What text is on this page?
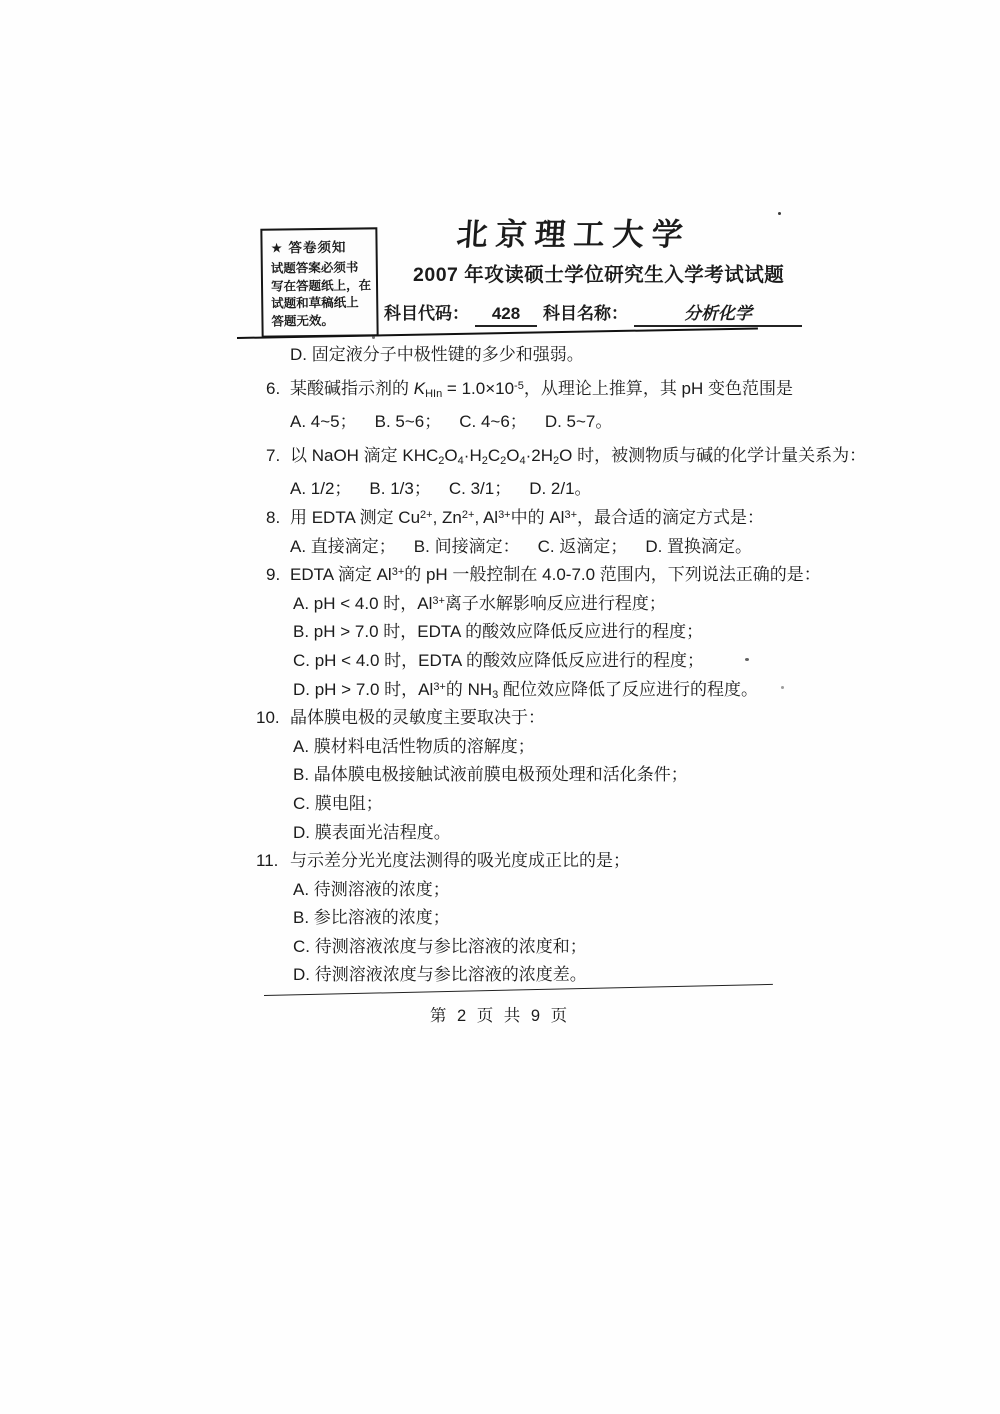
★ 答卷须知
试题答案必须书
写在答题纸上，在
试题和草稿纸上
答题无效。
北京理工大学
2007 年攻读硕士学位研究生入学考试试题
科目代码： 428 科目名称：	分析化学
D. 固定液分子中极性键的多少和强弱。
6. 某酸碱指示剂的 $K_{HIn} = 1.0\times 10^{-5}$，从理论上推算，其 pH 变色范围是
A. 4~5； B. 5~6； C. 4~6； D. 5~7。
7. 以 NaOH 滴定 $KHC_2O_4\cdot H_2C_2O_4\cdot 2H_2O$ 时，被测物质与碱的化学计量关系为：
A. 1/2； B. 1/3； C. 3/1； D. 2/1。
8. 用 EDTA 测定 $Cu^{2+}$, $Zn^{2+}$, $Al^{3+}$中的 $Al^{3+}$，最合适的滴定方式是：
A. 直接滴定； B. 间接滴定： C. 返滴定； D. 置换滴定。
9. EDTA 滴定 $Al^{3+}$的 pH 一般控制在 4.0-7.0 范围内，下列说法正确的是：
A. pH < 4.0 时，$Al^{3+}$离子水解影响反应进行程度；
B. pH > 7.0 时，EDTA 的酸效应降低反应进行的程度；
C. pH < 4.0 时，EDTA 的酸效应降低反应进行的程度；
D. pH > 7.0 时，$Al^{3+}$的 $NH_3$ 配位效应降低了反应进行的程度。
10. 晶体膜电极的灵敏度主要取决于：
A. 膜材料电活性物质的溶解度；
B. 晶体膜电极接触试液前膜电极预处理和活化条件；
C. 膜电阻；
D. 膜表面光洁程度。
11. 与示差分光光度法测得的吸光度成正比的是；
A. 待测溶液的浓度；
B. 参比溶液的浓度；
C. 待测溶液浓度与参比溶液的浓度和；
D. 待测溶液浓度与参比溶液的浓度差。
第 2 页 共 9 页
